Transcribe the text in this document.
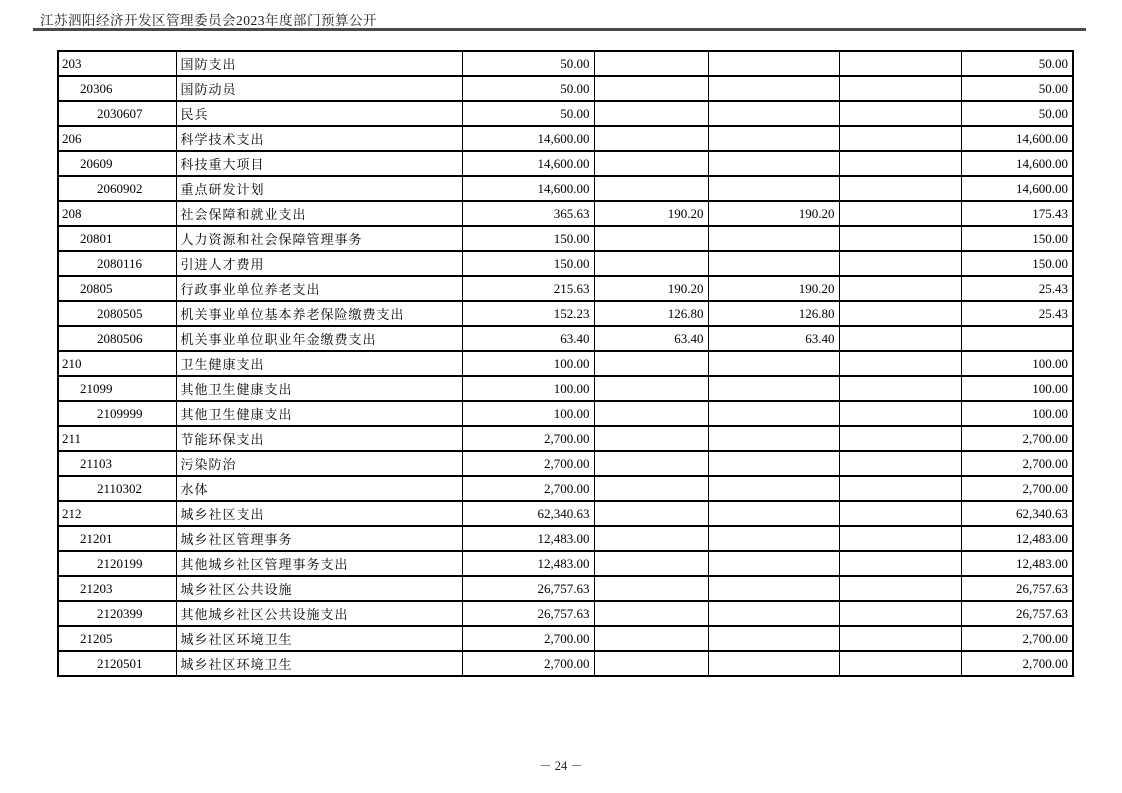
江苏泗阳经济开发区管理委员会2023年度部门预算公开
203	国防支出	50.00				50.00
20306	国防动员	50.00				50.00
2030607	民兵	50.00				50.00
206	科学技术支出	14,600.00				14,600.00
20609	科技重大项目	14,600.00				14,600.00
2060902	重点研发计划	14,600.00				14,600.00
208	社会保障和就业支出	365.63	190.20	190.20		175.43
20801	人力资源和社会保障管理事务	150.00				150.00
2080116	引进人才费用	150.00				150.00
20805	行政事业单位养老支出	215.63	190.20	190.20		25.43
2080505	机关事业单位基本养老保险缴费支出	152.23	126.80	126.80		25.43
2080506	机关事业单位职业年金缴费支出	63.40	63.40	63.40		
210	卫生健康支出	100.00				100.00
21099	其他卫生健康支出	100.00				100.00
2109999	其他卫生健康支出	100.00				100.00
211	节能环保支出	2,700.00				2,700.00
21103	污染防治	2,700.00				2,700.00
2110302	水体	2,700.00				2,700.00
212	城乡社区支出	62,340.63				62,340.63
21201	城乡社区管理事务	12,483.00				12,483.00
2120199	其他城乡社区管理事务支出	12,483.00				12,483.00
21203	城乡社区公共设施	26,757.63				26,757.63
2120399	其他城乡社区公共设施支出	26,757.63				26,757.63
21205	城乡社区环境卫生	2,700.00				2,700.00
2120501	城乡社区环境卫生	2,700.00				2,700.00
－ 24 －
